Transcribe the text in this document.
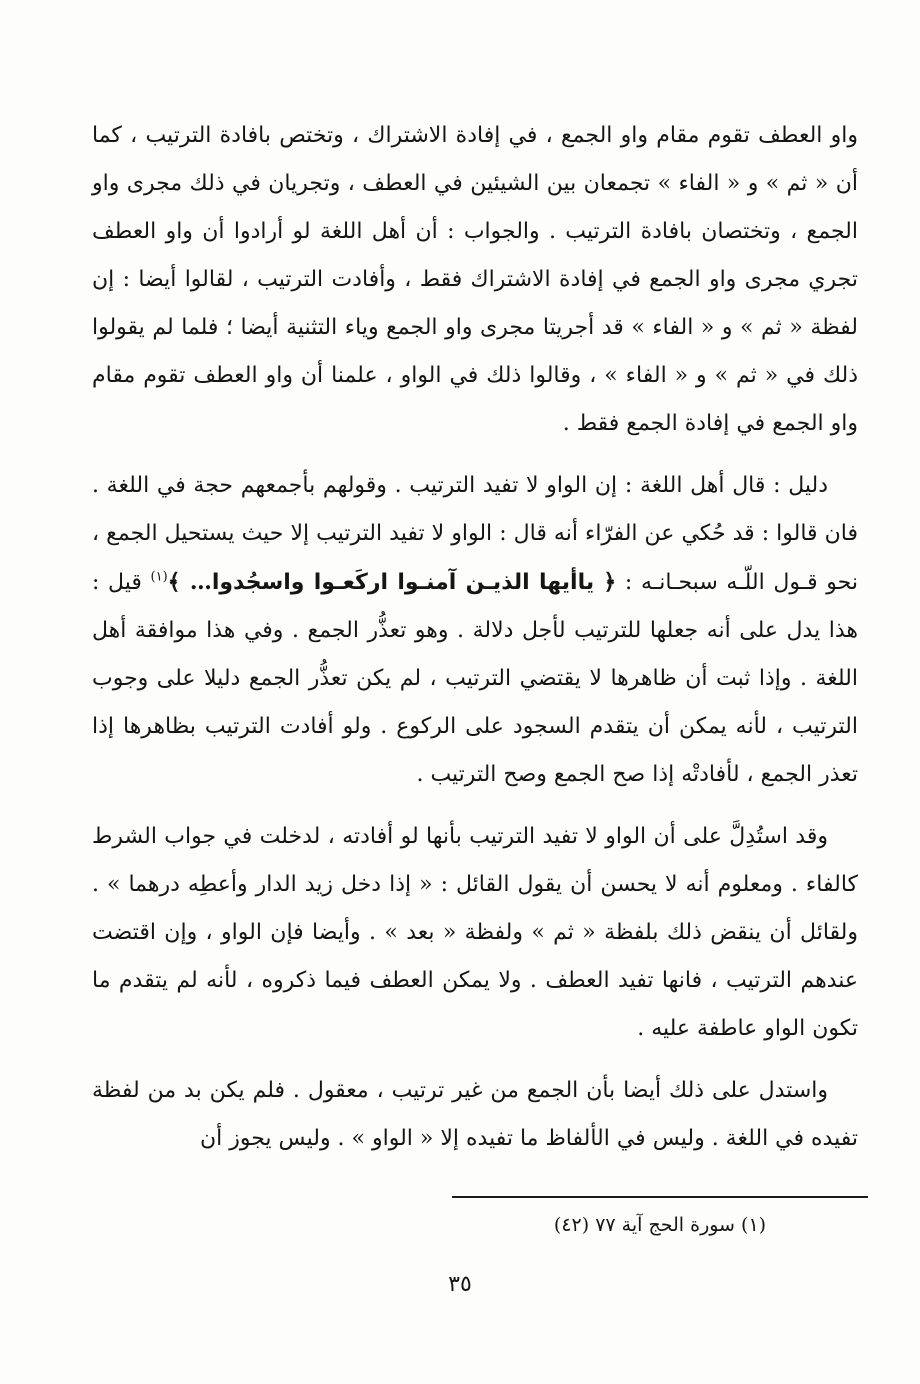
واو العطف تقوم مقام واو الجمع ، في إفادة الاشتراك ، وتختص بافادة الترتيب ، كما أن « ثم » و « الفاء » تجمعان بين الشيئين في العطف ، وتجريان في ذلك مجرى واو الجمع ، وتختصان بافادة الترتيب . والجواب : أن أهل اللغة لو أرادوا أن واو العطف تجري مجرى واو الجمع في إفادة الاشتراك فقط ، وأفادت الترتيب ، لقالوا أيضا : إن لفظة « ثم » و « الفاء » قد أجريتا مجرى واو الجمع وياء التثنية أيضا ؛ فلما لم يقولوا ذلك في « ثم » و « الفاء » ، وقالوا ذلك في الواو ، علمنا أن واو العطف تقوم مقام واو الجمع في إفادة الجمع فقط .

دليل : قال أهل اللغة : إن الواو لا تفيد الترتيب . وقولهم بأجمعهم حجة في اللغة . فان قالوا : قد حُكي عن الفرّاء أنه قال : الواو لا تفيد الترتيب إلا حيث يستحيل الجمع ، نحو قـول اللّـه سبحـانـه : ﴿ ياأيها الذيـن آمنـوا اركَعـوا واسجُدوا… ﴾$^{(١)}$ قيل : هذا يدل على أنه جعلها للترتيب لأجل دلالة . وهو تعذُّر الجمع . وفي هذا موافقة أهل اللغة . وإذا ثبت أن ظاهرها لا يقتضي الترتيب ، لم يكن تعذُّر الجمع دليلا على وجوب الترتيب ، لأنه يمكن أن يتقدم السجود على الركوع . ولو أفادت الترتيب بظاهرها إذا تعذر الجمع ، لأفادتْه إذا صح الجمع وصح الترتيب .

وقد استُدِلَّ على أن الواو لا تفيد الترتيب بأنها لو أفادته ، لدخلت في جواب الشرط كالفاء . ومعلوم أنه لا يحسن أن يقول القائل : « إذا دخل زيد الدار وأعطِه درهما » . ولقائل أن ينقض ذلك بلفظة « ثم » ولفظة « بعد » . وأيضا فإن الواو ، وإن اقتضت عندهم الترتيب ، فانها تفيد العطف . ولا يمكن العطف فيما ذكروه ، لأنه لم يتقدم ما تكون الواو عاطفة عليه .

واستدل على ذلك أيضا بأن الجمع من غير ترتيب ، معقول . فلم يكن بد من لفظة تفيده في اللغة . وليس في الألفاظ ما تفيده إلا « الواو » . وليس يجوز أن

(١) سورة الحج آية ٧٧ (٤٢)

٣٥
